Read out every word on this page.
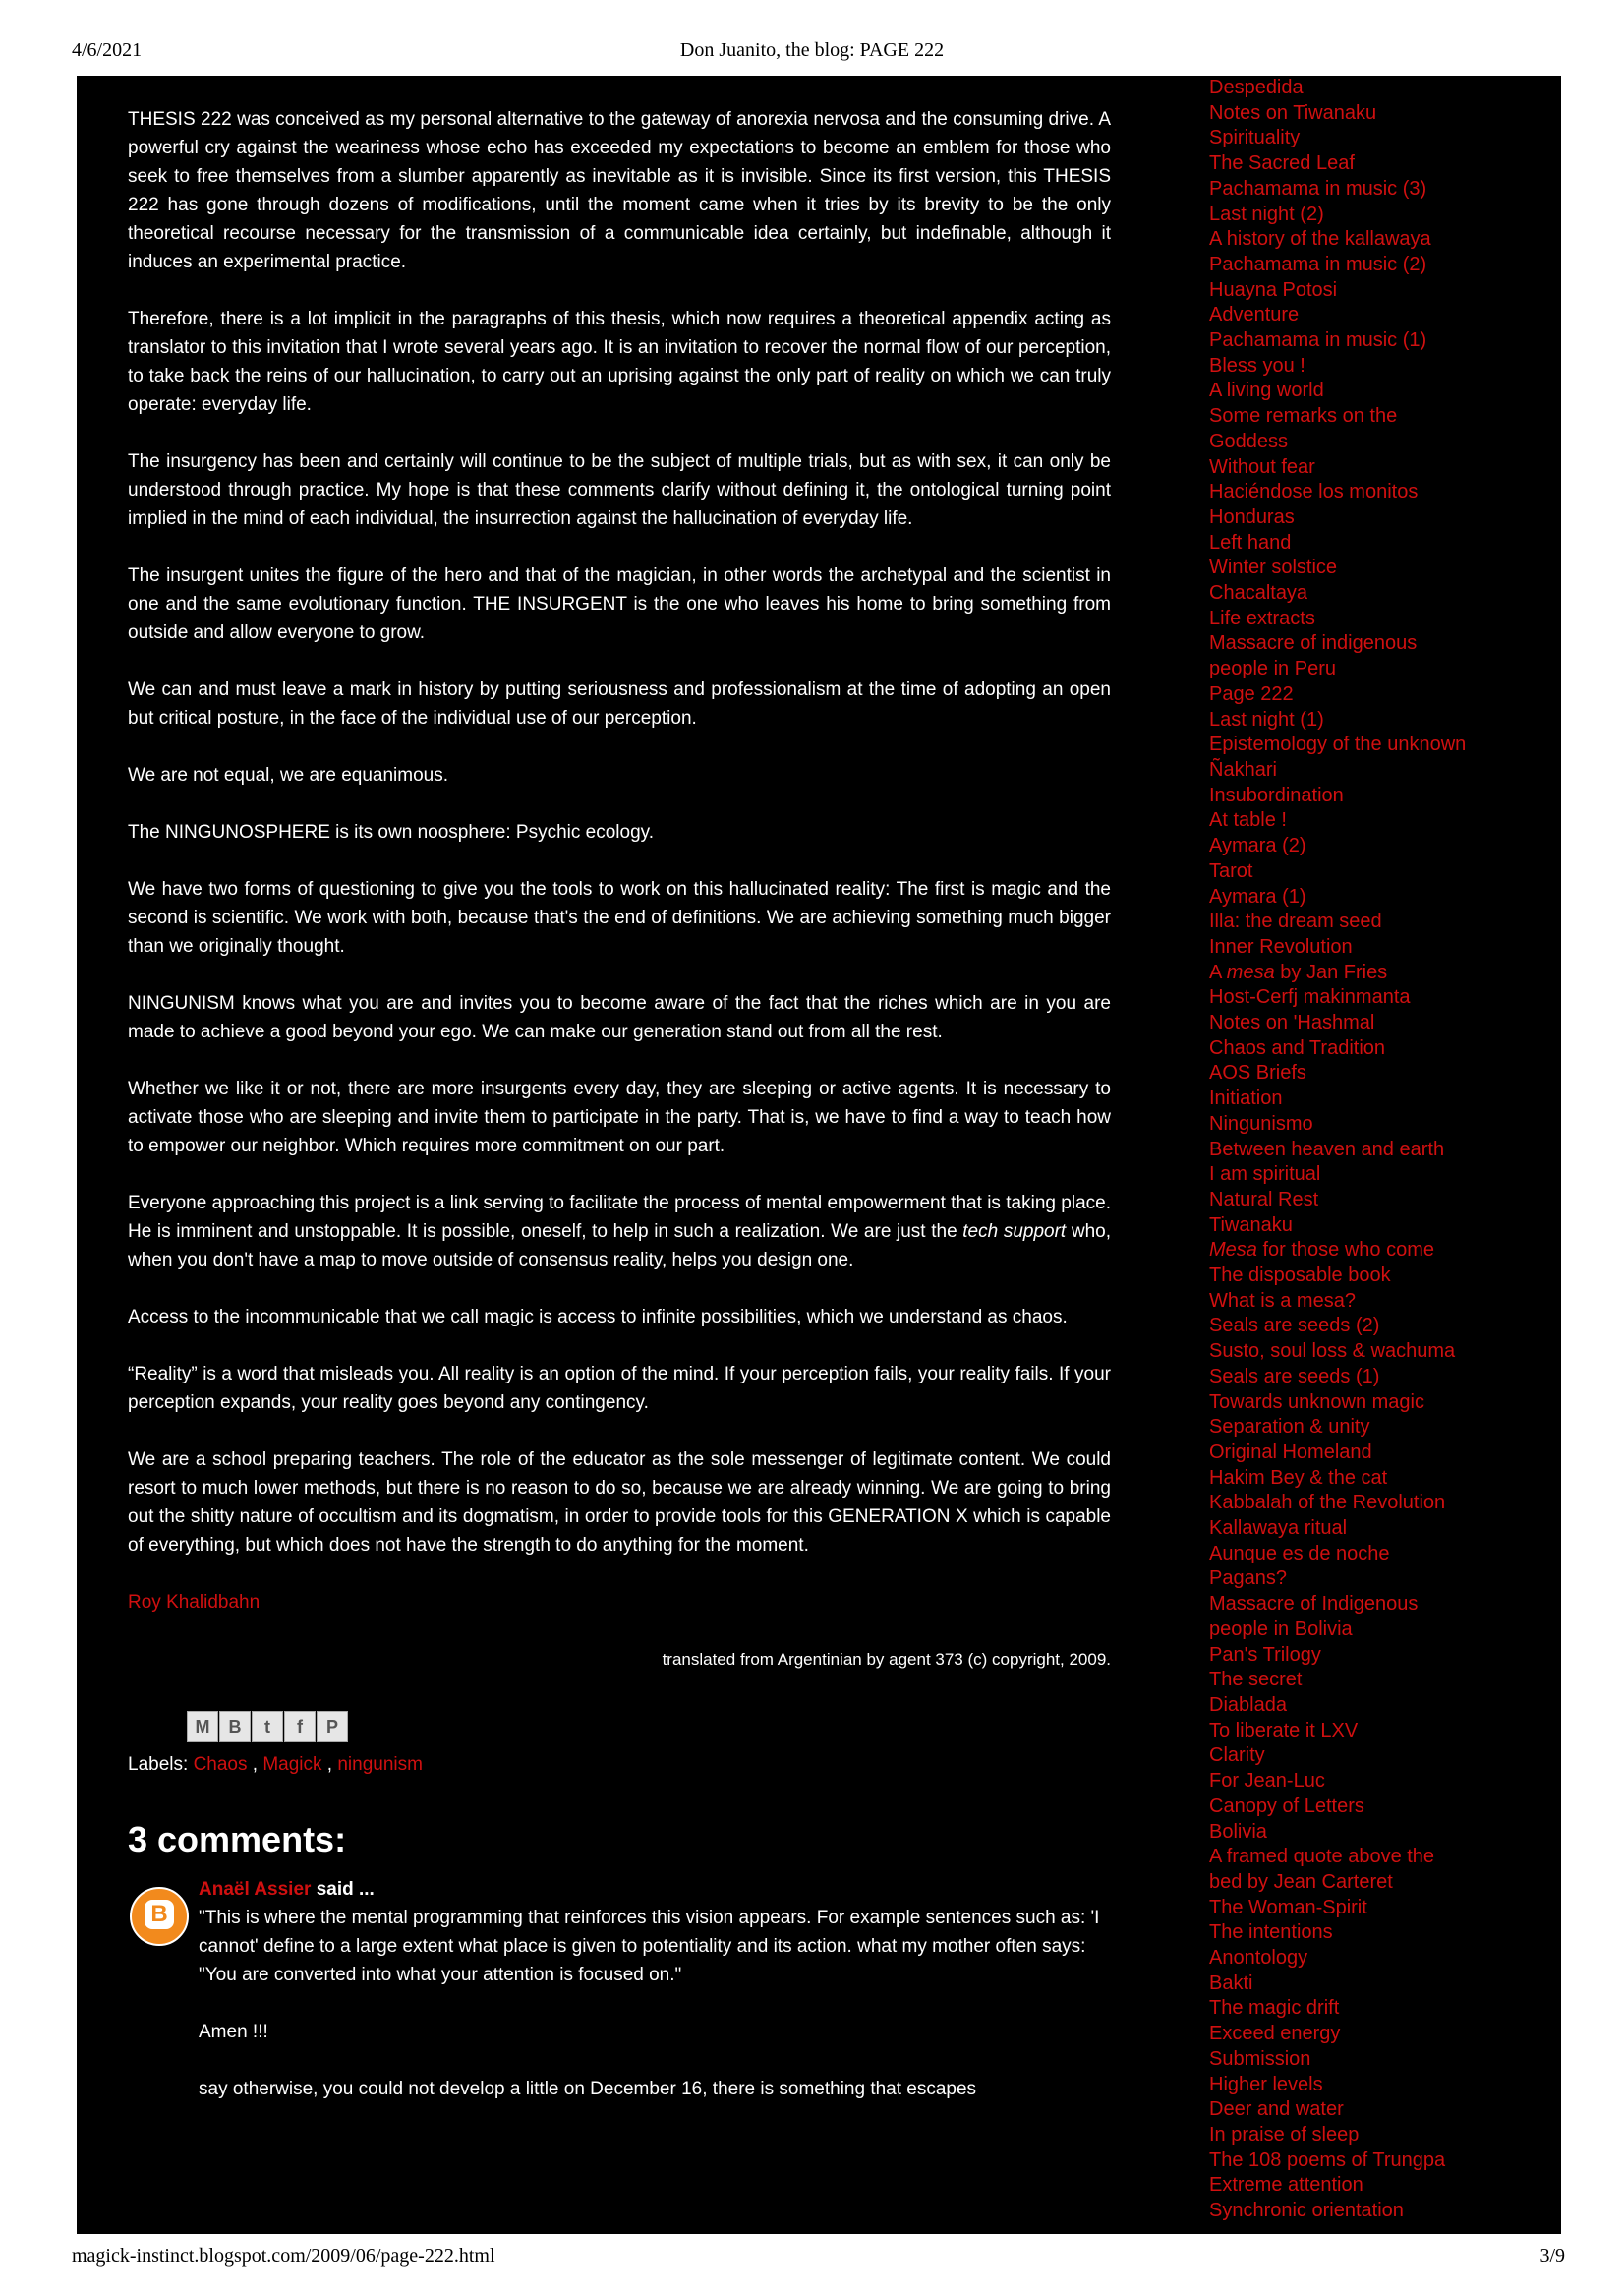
4/6/2021	Don Juanito, the blog: PAGE 222

THESIS 222 was conceived as my personal alternative to the gateway of anorexia nervosa and the consuming drive. A powerful cry against the weariness whose echo has exceeded my expectations to become an emblem for those who seek to free themselves from a slumber apparently as inevitable as it is invisible. Since its first version, this THESIS 222 has gone through dozens of modifications, until the moment came when it tries by its brevity to be the only theoretical recourse necessary for the transmission of a communicable idea certainly, but indefinable, although it induces an experimental practice.

Therefore, there is a lot implicit in the paragraphs of this thesis, which now requires a theoretical appendix acting as translator to this invitation that I wrote several years ago. It is an invitation to recover the normal flow of our perception, to take back the reins of our hallucination, to carry out an uprising against the only part of reality on which we can truly operate: everyday life.

The insurgency has been and certainly will continue to be the subject of multiple trials, but as with sex, it can only be understood through practice. My hope is that these comments clarify without defining it, the ontological turning point implied in the mind of each individual, the insurrection against the hallucination of everyday life.

The insurgent unites the figure of the hero and that of the magician, in other words the archetypal and the scientist in one and the same evolutionary function. THE INSURGENT is the one who leaves his home to bring something from outside and allow everyone to grow.

We can and must leave a mark in history by putting seriousness and professionalism at the time of adopting an open but critical posture, in the face of the individual use of our perception.

We are not equal, we are equanimous.

The NINGUNOSPHERE is its own noosphere: Psychic ecology.

We have two forms of questioning to give you the tools to work on this hallucinated reality: The first is magic and the second is scientific. We work with both, because that's the end of definitions. We are achieving something much bigger than we originally thought.

NINGUNISM knows what you are and invites you to become aware of the fact that the riches which are in you are made to achieve a good beyond your ego. We can make our generation stand out from all the rest.

Whether we like it or not, there are more insurgents every day, they are sleeping or active agents. It is necessary to activate those who are sleeping and invite them to participate in the party. That is, we have to find a way to teach how to empower our neighbor. Which requires more commitment on our part.

Everyone approaching this project is a link serving to facilitate the process of mental empowerment that is taking place. He is imminent and unstoppable. It is possible, oneself, to help in such a realization. We are just the tech support who, when you don't have a map to move outside of consensus reality, helps you design one.

Access to the incommunicable that we call magic is access to infinite possibilities, which we understand as chaos.

“Reality” is a word that misleads you. All reality is an option of the mind. If your perception fails, your reality fails. If your perception expands, your reality goes beyond any contingency.

We are a school preparing teachers. The role of the educator as the sole messenger of legitimate content. We could resort to much lower methods, but there is no reason to do so, because we are already winning. We are going to bring out the shitty nature of occultism and its dogmatism, in order to provide tools for this GENERATION X which is capable of everything, but which does not have the strength to do anything for the moment.

Roy Khalidbahn

translated from Argentinian by agent 373 (c) copyright, 2009.

M	B	t	f	P
Labels: Chaos , Magick , ningunism
3 comments:
B
Anaël Assier said ...

"This is where the mental programming that reinforces this vision appears. For example sentences such as: 'I cannot' define to a large extent what place is given to potentiality and its action. what my mother often says: "You are converted into what your attention is focused on."

Amen !!!

say otherwise, you could not develop a little on December 16, there is something that escapes

Despedida
Notes on Tiwanaku
Spirituality
The Sacred Leaf
Pachamama in music (3)
Last night (2)
A history of the kallawaya
Pachamama in music (2)
Huayna Potosi
Adventure
Pachamama in music (1)
Bless you !
A living world
Some remarks on the
Goddess
Without fear
Haciéndose los monitos
Honduras
Left hand
Winter solstice
Chacaltaya
Life extracts
Massacre of indigenous
people in Peru
Page 222
Last night (1)
Epistemology of the unknown
Ñakhari
Insubordination
At table !
Aymara (2)
Tarot
Aymara (1)
Illa: the dream seed
Inner Revolution
A mesa by Jan Fries
Host-Cerfj makinmanta
Notes on 'Hashmal
Chaos and Tradition
AOS Briefs
Initiation
Ningunismo
Between heaven and earth
I am spiritual
Natural Rest
Tiwanaku
Mesa for those who come
The disposable book
What is a mesa?
Seals are seeds (2)
Susto, soul loss & wachuma
Seals are seeds (1)
Towards unknown magic
Separation & unity
Original Homeland
Hakim Bey & the cat
Kabbalah of the Revolution
Kallawaya ritual
Aunque es de noche
Pagans?
Massacre of Indigenous
people in Bolivia
Pan's Trilogy
The secret
Diablada
To liberate it LXV
Clarity
For Jean-Luc
Canopy of Letters
Bolivia
A framed quote above the
bed by Jean Carteret
The Woman-Spirit
The intentions
Anontology
Bakti
The magic drift
Exceed energy
Submission
Higher levels
Deer and water
In praise of sleep
The 108 poems of Trungpa
Extreme attention
Synchronic orientation
magick-instinct.blogspot.com/2009/06/page-222.html	3/9
